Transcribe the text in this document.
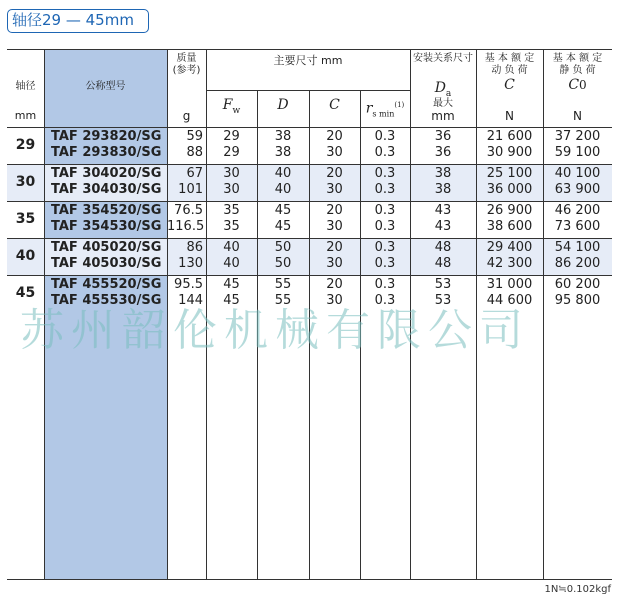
轴径29 — 45mm
轴径
mm
公称型号
质量
(参考)
g
主要尺寸 mm
$F_w$	D	C	$r_{s min}^{(1)}$
安装关系尺寸
$D_a$
最大
mm
基 本 额 定
动 负 荷
C
N
基 本 额 定
静 负 荷
C0
N
29
TAF 293820/SG	59	29	38	20	0.3	36	21 600	37 200
TAF 293830/SG	88	29	38	30	0.3	36	30 900	59 100
30
TAF 304020/SG	67	30	40	20	0.3	38	25 100	40 100
TAF 304030/SG	101	30	40	30	0.3	38	36 000	63 900
35
TAF 354520/SG 76.5	35	45	20	0.3	43	26 900	46 200
TAF 354530/SG 116.5	35	45	30	0.3	43	38 600	73 600
40
TAF 405020/SG	86	40	50	20	0.3	48	29 400	54 100
TAF 405030/SG	130	40	50	30	0.3	48	42 300	86 200
45
TAF 455520/SG 95.5	45	55	20	0.3	53	31 000	60 200
TAF 455530/SG	144	45	55	30	0.3	53	44 600	95 800
苏州韶伦机械有限公司
1N≒0.102kgf
